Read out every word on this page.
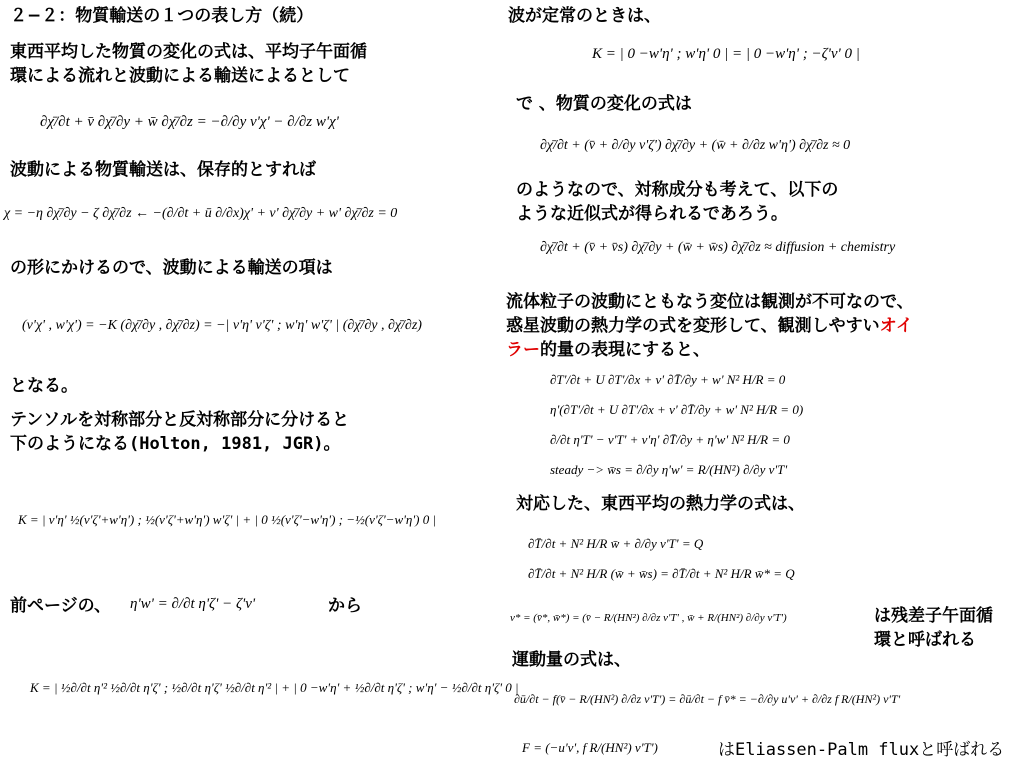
２−２：物質輸送の１つの表し方（続）
東西平均した物質の変化の式は、平均子午面循
環による流れと波動による輸送によるとして
∂χ̄/∂t + v̄ ∂χ̄/∂y + w̄ ∂χ̄/∂z = −∂/∂y v'χ' − ∂/∂z w'χ'
波動による物質輸送は、保存的とすれば
χ = −η ∂χ̄/∂y − ζ ∂χ̄/∂z ← −(∂/∂t + ū ∂/∂x)χ' + v' ∂χ̄/∂y + w' ∂χ̄/∂z = 0
の形にかけるので、波動による輸送の項は
(v'χ' , w'χ') = −K (∂χ̄/∂y , ∂χ̄/∂z) = −| v'η' v'ζ' ; w'η' w'ζ' | (∂χ̄/∂y , ∂χ̄/∂z)
となる。
テンソルを対称部分と反対称部分に分けると
下のようになる(Holton, 1981, JGR)。
K = | v'η' ½(v'ζ'+w'η') ; ½(v'ζ'+w'η') w'ζ' | + | 0 ½(v'ζ'−w'η') ; −½(v'ζ'−w'η') 0 |
前ページの、 η'w' = ∂/∂t η'ζ' − ζ'v'	から
K = | ½∂/∂t η'² ½∂/∂t η'ζ' ; ½∂/∂t η'ζ' ½∂/∂t η'² | + | 0 −w'η' + ½∂/∂t η'ζ' ; w'η' − ½∂/∂t η'ζ' 0 |
波が定常のときは、
K = | 0 −w'η' ; w'η' 0 | = | 0 −w'η' ; −ζ'v' 0 |
で 、物質の変化の式は
∂χ̄/∂t + (v̄ + ∂/∂y v'ζ') ∂χ̄/∂y + (w̄ + ∂/∂z w'η') ∂χ̄/∂z ≈ 0
のようなので、対称成分も考えて、以下の
ような近似式が得られるであろう。
∂χ̄/∂t + (v̄ + v̄s) ∂χ̄/∂y + (w̄ + w̄s) ∂χ̄/∂z ≈ diffusion + chemistry
流体粒子の波動にともなう変位は観測が不可なので、
惑星波動の熱力学の式を変形して、観測しやすいオイ
ラー的量の表現にすると、
∂T'/∂t + U ∂T'/∂x + v' ∂T̄/∂y + w' N² H/R = 0
η'(∂T'/∂t + U ∂T'/∂x + v' ∂T̄/∂y + w' N² H/R = 0)
∂/∂t η'T' − v'T' + v'η' ∂T̄/∂y + η'w' N² H/R = 0
steady −> w̄s = ∂/∂y η'w' = R/(HN²) ∂/∂y v'T'
対応した、東西平均の熱力学の式は、
∂T̄/∂t + N² H/R w̄ + ∂/∂y v'T' = Q
∂T̄/∂t + N² H/R (w̄ + w̄s) = ∂T̄/∂t + N² H/R w̄* = Q
v* = (v̄*, w̄*) = (v̄ − R/(HN²) ∂/∂z v'T' , w̄ + R/(HN²) ∂/∂y v'T')	は残差子午面循
環と呼ばれる
運動量の式は、
∂ū/∂t − f(v̄ − R/(HN²) ∂/∂z v'T') = ∂ū/∂t − f v̄* = −∂/∂y u'v' + ∂/∂z f R/(HN²) v'T'
F = (−u'v', f R/(HN²) v'T')	はEliassen-Palm fluxと呼ばれる
